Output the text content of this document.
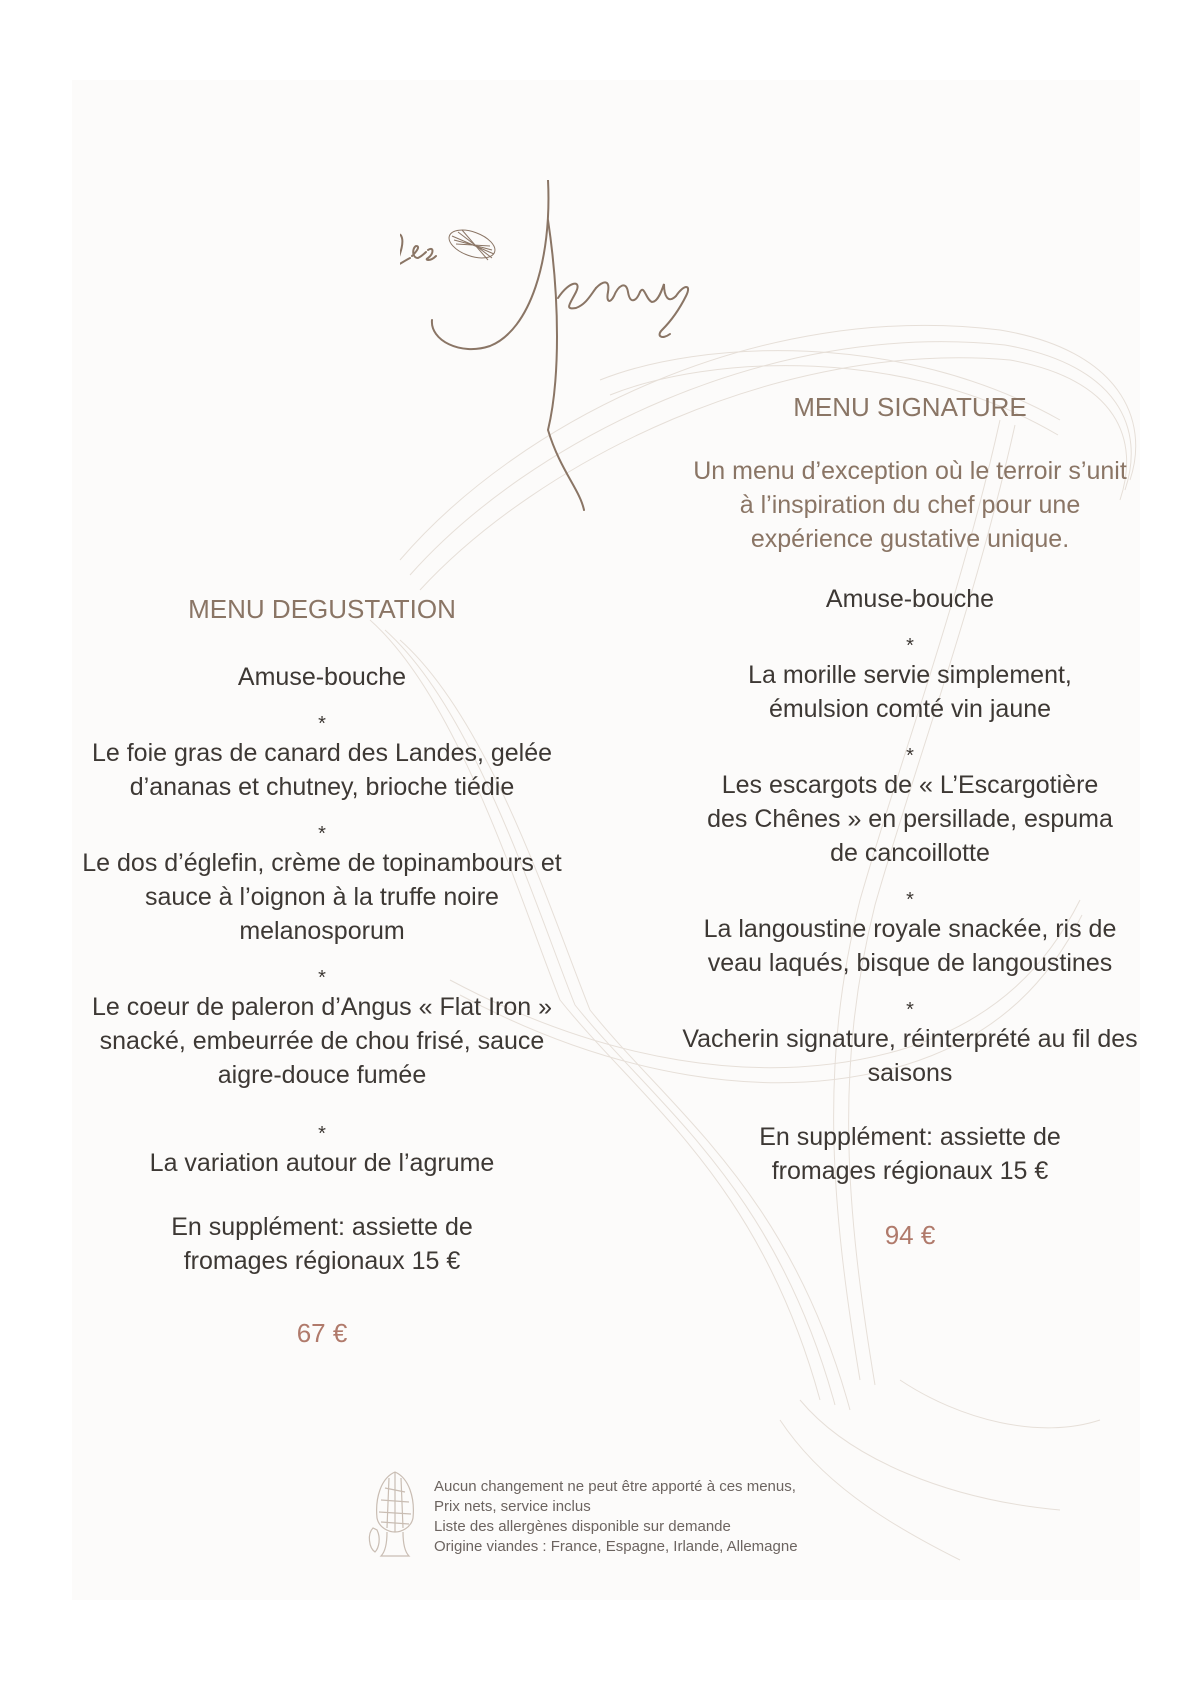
MENU DEGUSTATION

Amuse-bouche

*

Le foie gras de canard des Landes, gelée d’ananas et chutney, brioche tiédie

*

Le dos d’églefin, crème de topinambours et sauce à l’oignon à la truffe noire melanosporum

*

Le coeur de paleron d’Angus « Flat Iron » snacké, embeurrée de chou frisé, sauce aigre-douce fumée

*

La variation autour de l’agrume

En supplément: assiette de fromages régionaux 15 €

67 €

MENU SIGNATURE

Un menu d’exception où le terroir s’unit à l’inspiration du chef pour une expérience gustative unique.

Amuse-bouche

*

La morille servie simplement, émulsion comté vin jaune

*

Les escargots de « L’Escargotière des Chênes » en persillade, espuma de cancoillotte

*

La langoustine royale snackée, ris de veau laqués, bisque de langoustines

*

Vacherin signature, réinterprété au fil des saisons

En supplément: assiette de fromages régionaux 15 €

94 €

Aucun changement ne peut être apporté à ces menus,
Prix nets, service inclus
Liste des allergènes disponible sur demande
Origine viandes : France, Espagne, Irlande, Allemagne
